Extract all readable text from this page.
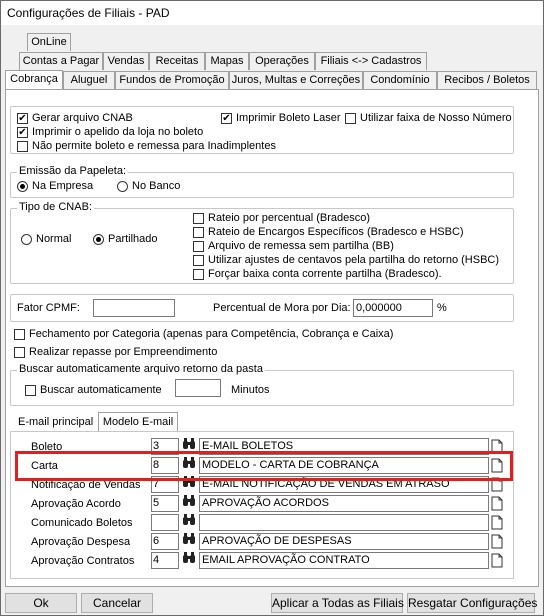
Configurações de Filiais - PAD
OnLine
Contas a Pagar Vendas	Receitas	Mapas	Operações	Filiais <-> Cadastros
Cobrança	Aluguel	Fundos de Promoção Juros, Multas e Correções Condomínio	Recibos / Boletos
✔ Gerar arquivo CNAB	✔ Imprimir Boleto Laser Utilizar faixa de Nosso Número
✔ Imprimir o apelido da loja no boleto
Não permite boleto e remessa para Inadimplentes
Emissão da Papeleta:
Na Empresa	No Banco
Tipo de CNAB:
Normal	Partilhado
Rateio por percentual (Bradesco)
Rateio de Encargos Específicos (Bradesco e HSBC)
Arquivo de remessa sem partilha (BB)
Utilizar ajustes de centavos pela partilha do retorno (HSBC)
Forçar baixa conta corrente partilha (Bradesco).
Fator CPMF:	Percentual de Mora por Dia: 0,000000	%
Fechamento por Categoria (apenas para Competência, Cobrança e Caixa)
Realizar repasse por Empreendimento
Buscar automaticamente arquivo retorno da pasta
Buscar automaticamente	Minutos
E-mail principal Modelo E-mail
Boleto	3	E-MAIL BOLETOS
Carta	8	MODELO - CARTA DE COBRANÇA
Notificação de Vendas 7	E-MAIL NOTIFICAÇÃO DE VENDAS EM ATRASO
Aprovação Acordo	5	APROVAÇÃO ACORDOS
Comunicado Boletos
Aprovação Despesa 6	APROVAÇÃO DE DESPESAS
Aprovação Contratos 4	EMAIL APROVAÇÃO CONTRATO
Ok	Cancelar	Aplicar a Todas as Filiais Resgatar Configurações
